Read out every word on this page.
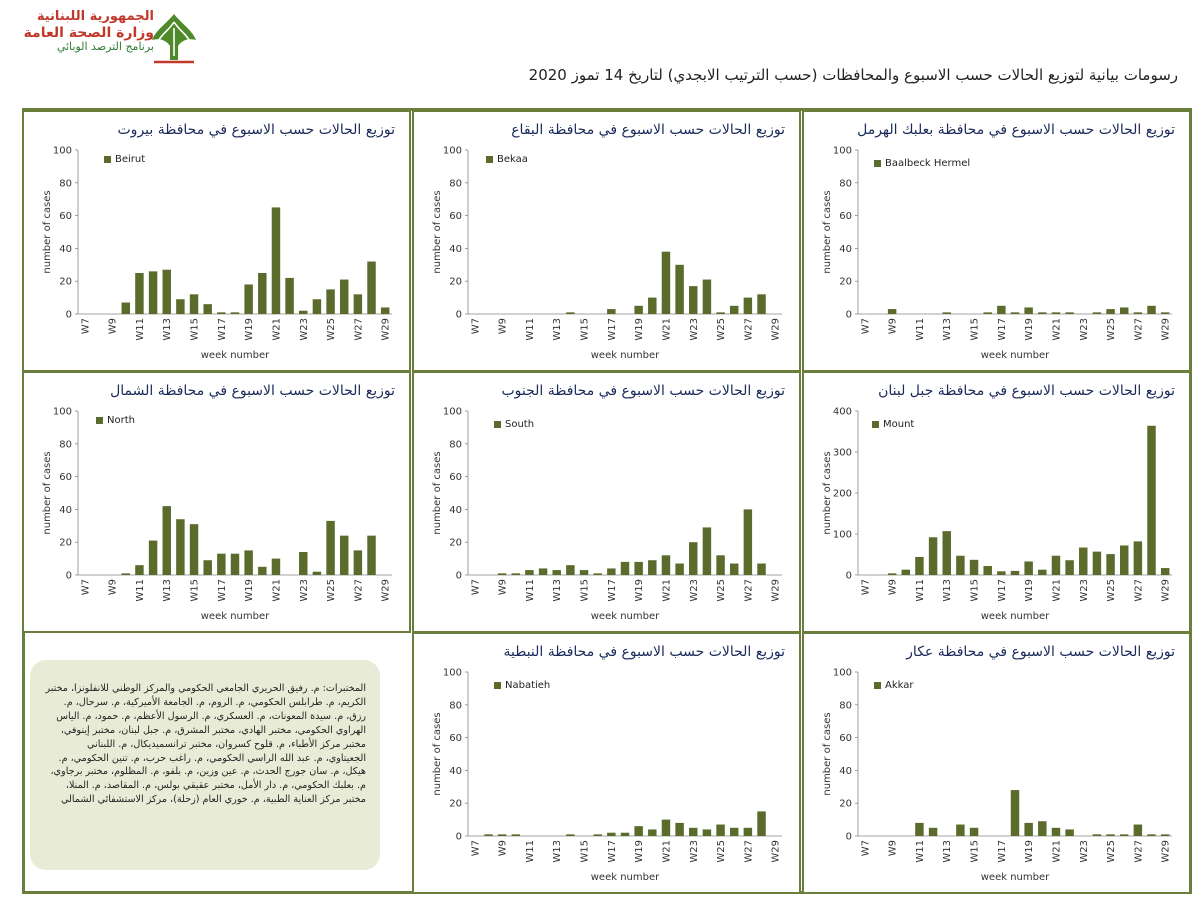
الجمهورية اللبنانية
وزارة الصحة العامة
برنامج الترصد الوبائي
رسومات بيانية لتوزيع الحالات حسب الاسبوع والمحافظات (حسب الترتيب الابجدي) لتاريخ 14 تموز 2020
0
20
40
60
80
100
number of cases
W7 W9 W11 W13 W15 W17 W19 W21 W23 W25 W27 W29
week number
توزيع الحالات حسب الاسبوع في محافظة بيروت
Beirut
0
20
40
60
80
100
number of cases
W7 W9 W11 W13 W15 W17 W19 W21 W23 W25 W27 W29
week number
توزيع الحالات حسب الاسبوع في محافظة البقاع
Bekaa
0
20
40
60
80
100
number of cases
W7 W9 W11 W13 W15 W17 W19 W21 W23 W25 W27 W29
week number
توزيع الحالات حسب الاسبوع في محافظة بعلبك الهرمل
Baalbeck Hermel
0
20
40
60
80
100
number of cases
W7 W9 W11 W13 W15 W17 W19 W21 W23 W25 W27 W29
week number
توزيع الحالات حسب الاسبوع في محافظة الشمال
North
0
20
40
60
80
100
number of cases
W7 W9 W11 W13 W15 W17 W19 W21 W23 W25 W27 W29
week number
توزيع الحالات حسب الاسبوع في محافظة الجنوب
South
0
100
200
300
400
number of cases
W7 W9 W11 W13 W15 W17 W19 W21 W23 W25 W27 W29
week number
توزيع الحالات حسب الاسبوع في محافظة جبل لبنان
Mount
0
20
40
60
80
100
number of cases
W7 W9 W11 W13 W15 W17 W19 W21 W23 W25 W27 W29
week number
توزيع الحالات حسب الاسبوع في محافظة النبطية
Nabatieh
0
20
40
60
80
100
number of cases
W7 W9 W11 W13 W15 W17 W19 W21 W23 W25 W27 W29
week number
توزيع الحالات حسب الاسبوع في محافظة عكار
Akkar
المختبرات: م. رفيق الحريري الجامعي الحكومي والمركز الوطني للانفلونزا، مختبر الكريم، م. طرابلس الحكومي، م. الروم، م. الجامعة الأميركية، م. سرحال، م. رزق، م. سيدة المعونات، م. العسكري، م. الرسول الأعظم، م. حمود، م. الياس الهراوي الحكومي، مختبر الهادي، مختبر المشرق، م. جبل لبنان، مختبر إينوفي، مختبر مركز الأطباء، م. قلوح كسروان، مختبر ترانسميديكال، م. اللبناني الجعيتاوي، م. عبد الله الراسي الحكومي، م. راغب حرب، م. تنين الحكومي، م. هيكل، م. سان جورج الحدث، م. عين وزين، م. بلفو، م. المظلوم، مختبر برجاوي، م. بعلبك الحكومي، م. دار الأمل، مختبر عقيقي بولس، م. المقاصد، م. المنلا، مختبر مركز العناية الطبية، م. خوري العام (زحلة)، مركز الاستشفائي الشمالي
